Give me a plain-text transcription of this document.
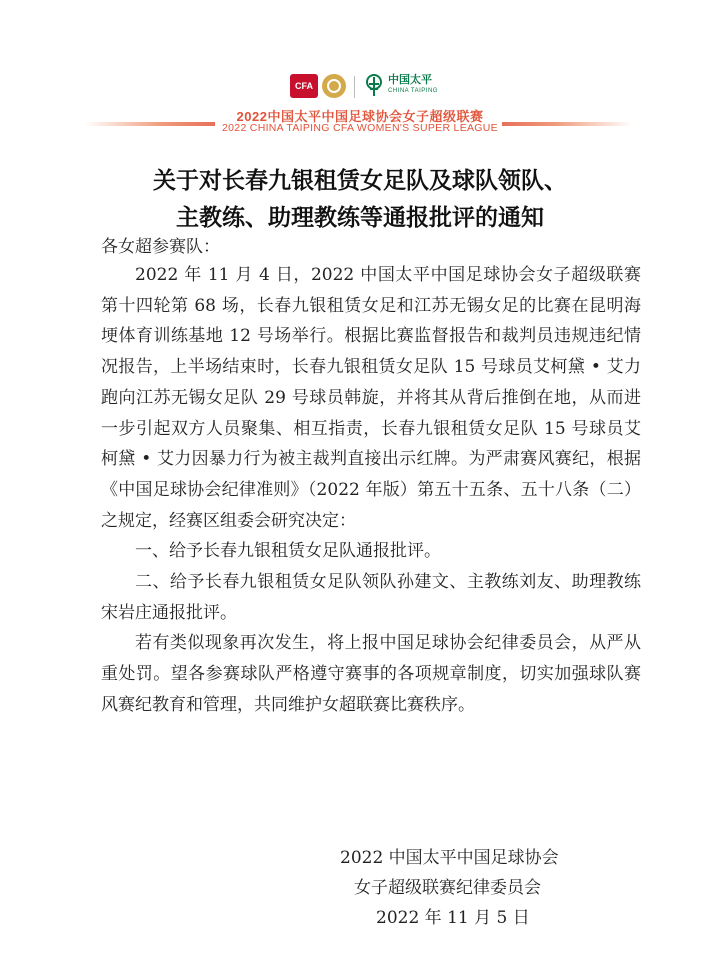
CFA	中国太平
CHINA TAIPING
2022中国太平中国足球协会女子超级联赛
2022 CHINA TAIPING CFA WOMEN'S SUPER LEAGUE
关于对长春九银租赁女足队及球队领队、
主教练、助理教练等通报批评的通知
各女超参赛队：

2022 年 11 月 4 日，2022 中国太平中国足球协会女子超级联赛第十四轮第 68 场，长春九银租赁女足和江苏无锡女足的比赛在昆明海埂体育训练基地 12 号场举行。根据比赛监督报告和裁判员违规违纪情况报告，上半场结束时，长春九银租赁女足队 15 号球员艾柯黛 • 艾力跑向江苏无锡女足队 29 号球员韩旋，并将其从背后推倒在地，从而进一步引起双方人员聚集、相互指责，长春九银租赁女足队 15 号球员艾柯黛 • 艾力因暴力行为被主裁判直接出示红牌。为严肃赛风赛纪，根据《中国足球协会纪律准则》（2022 年版）第五十五条、五十八条（二）之规定，经赛区组委会研究决定：

一、给予长春九银租赁女足队通报批评。

二、给予长春九银租赁女足队领队孙建文、主教练刘友、助理教练宋岩庄通报批评。

若有类似现象再次发生，将上报中国足球协会纪律委员会，从严从重处罚。望各参赛球队严格遵守赛事的各项规章制度，切实加强球队赛风赛纪教育和管理，共同维护女超联赛比赛秩序。

2022 中国太平中国足球协会
女子超级联赛纪律委员会
2022 年 11 月 5 日
